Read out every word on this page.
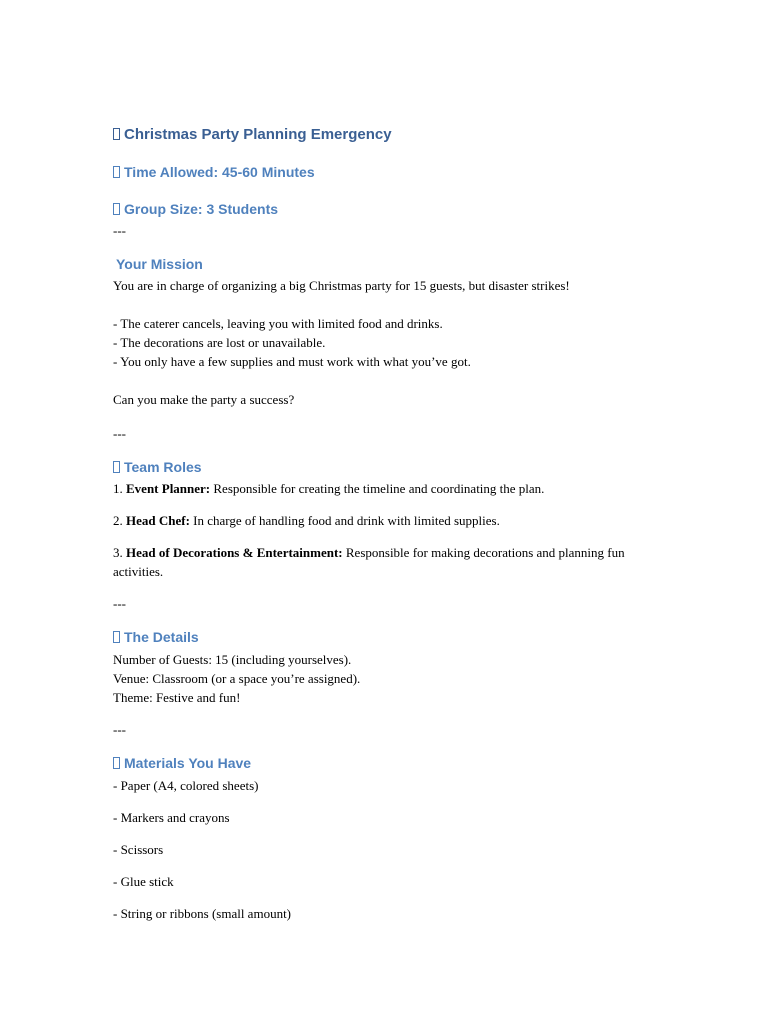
Christmas Party Planning Emergency
Time Allowed: 45-60 Minutes
Group Size: 3 Students
---
Your Mission
You are in charge of organizing a big Christmas party for 15 guests, but disaster strikes!
- The caterer cancels, leaving you with limited food and drinks.
- The decorations are lost or unavailable.
- You only have a few supplies and must work with what you’ve got.
Can you make the party a success?
---
Team Roles
1. Event Planner: Responsible for creating the timeline and coordinating the plan.
2. Head Chef: In charge of handling food and drink with limited supplies.
3. Head of Decorations & Entertainment: Responsible for making decorations and planning fun activities.
---
The Details
Number of Guests: 15 (including yourselves).
Venue: Classroom (or a space you’re assigned).
Theme: Festive and fun!
---
Materials You Have
- Paper (A4, colored sheets)
- Markers and crayons
- Scissors
- Glue stick
- String or ribbons (small amount)
